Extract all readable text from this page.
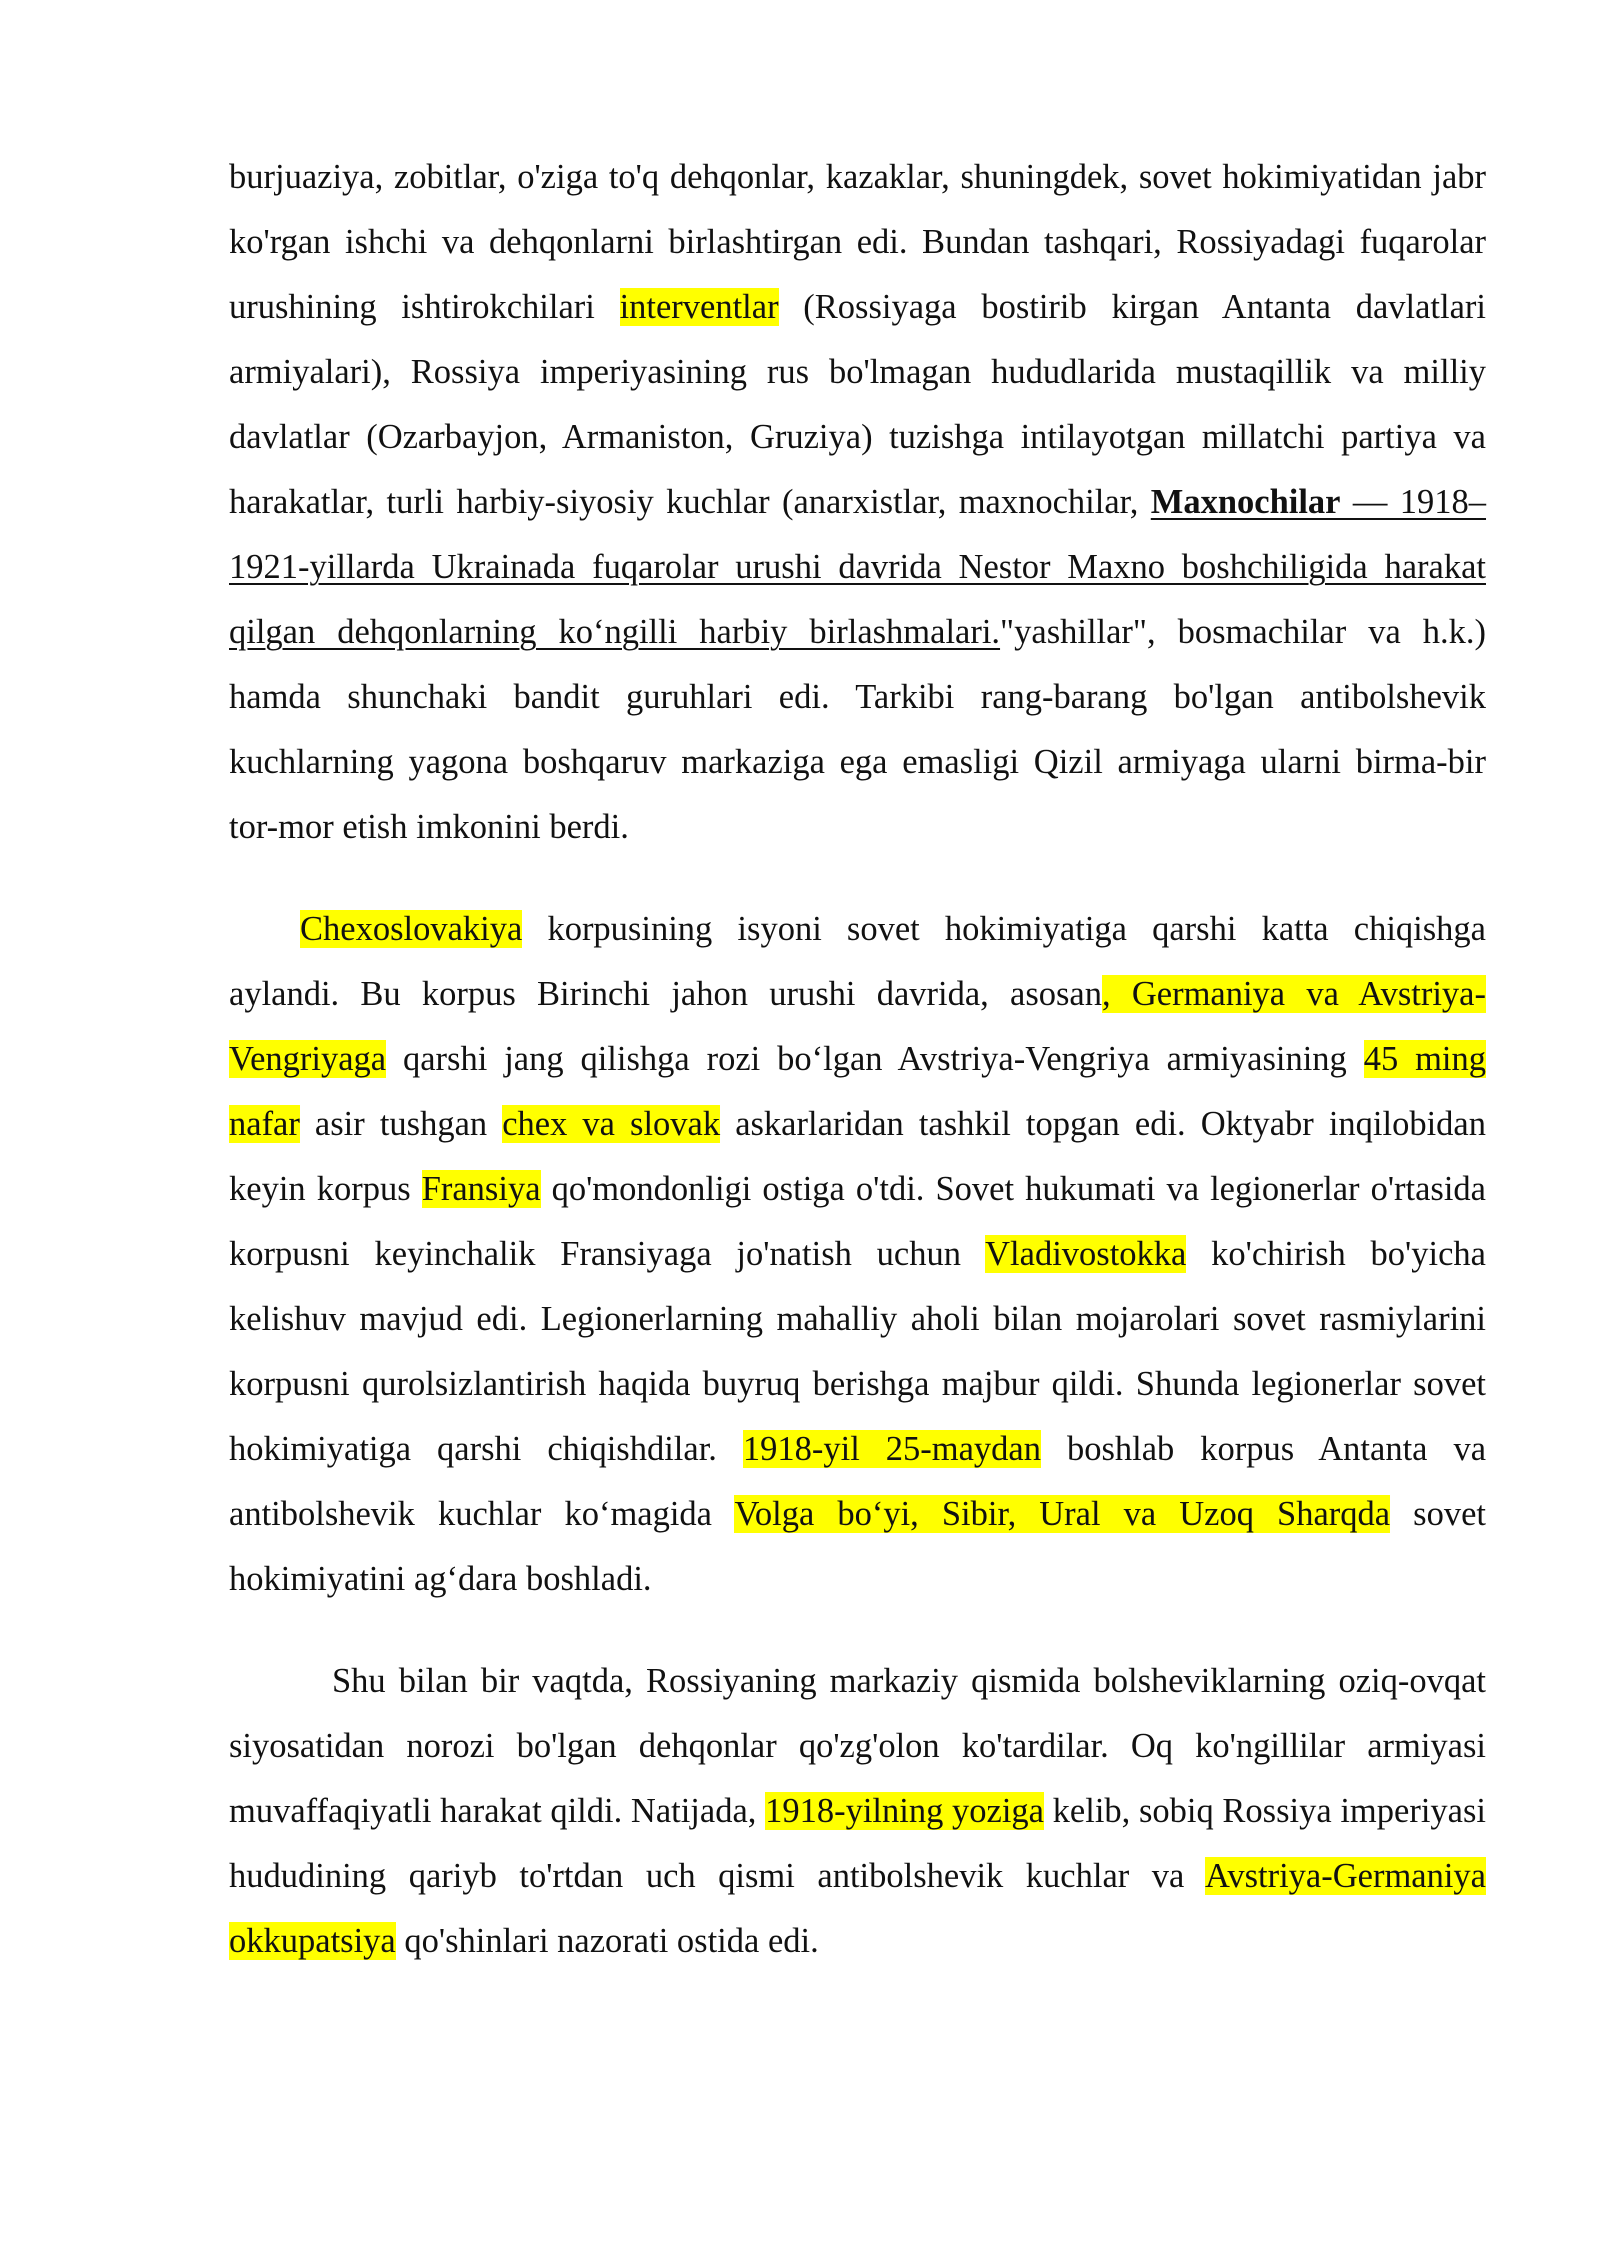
burjuaziya, zobitlar, o'ziga to'q dehqonlar, kazaklar, shuningdek, sovet hokimiyatidan jabr ko'rgan ishchi va dehqonlarni birlashtirgan edi. Bundan tashqari, Rossiyadagi fuqarolar urushining ishtirokchilari interventlar (Rossiyaga bostirib kirgan Antanta davlatlari armiyalari), Rossiya imperiyasining rus bo'lmagan hududlarida mustaqillik va milliy davlatlar (Ozarbayjon, Armaniston, Gruziya) tuzishga intilayotgan millatchi partiya va harakatlar, turli harbiy-siyosiy kuchlar (anarxistlar, maxnochilar, Maxnochilar — 1918–1921-yillarda Ukrainada fuqarolar urushi davrida Nestor Maxno boshchiligida harakat qilgan dehqonlarning koʻngilli harbiy birlashmalari."yashillar", bosmachilar va h.k.) hamda shunchaki bandit guruhlari edi. Tarkibi rang-barang bo'lgan antibolshevik kuchlarning yagona boshqaruv markaziga ega emasligi Qizil armiyaga ularni birma-bir tor-mor etish imkonini berdi.

Chexoslovakiya korpusining isyoni sovet hokimiyatiga qarshi katta chiqishga aylandi. Bu korpus Birinchi jahon urushi davrida, asosan, Germaniya va Avstriya-Vengriyaga qarshi jang qilishga rozi boʻlgan Avstriya-Vengriya armiyasining 45 ming nafar asir tushgan chex va slovak askarlaridan tashkil topgan edi. Oktyabr inqilobidan keyin korpus Fransiya qo'mondonligi ostiga o'tdi. Sovet hukumati va legionerlar o'rtasida korpusni keyinchalik Fransiyaga jo'natish uchun Vladivostokka ko'chirish bo'yicha kelishuv mavjud edi. Legionerlarning mahalliy aholi bilan mojarolari sovet rasmiylarini korpusni qurolsizlantirish haqida buyruq berishga majbur qildi. Shunda legionerlar sovet hokimiyatiga qarshi chiqishdilar. 1918-yil 25-maydan boshlab korpus Antanta va antibolshevik kuchlar koʻmagida Volga boʻyi, Sibir, Ural va Uzoq Sharqda sovet hokimiyatini agʻdara boshladi.

Shu bilan bir vaqtda, Rossiyaning markaziy qismida bolsheviklarning oziq-ovqat siyosatidan norozi bo'lgan dehqonlar qo'zg'olon ko'tardilar. Oq ko'ngillilar armiyasi muvaffaqiyatli harakat qildi. Natijada, 1918-yilning yoziga kelib, sobiq Rossiya imperiyasi hududining qariyb to'rtdan uch qismi antibolshevik kuchlar va Avstriya-Germaniya okkupatsiya qo'shinlari nazorati ostida edi.
